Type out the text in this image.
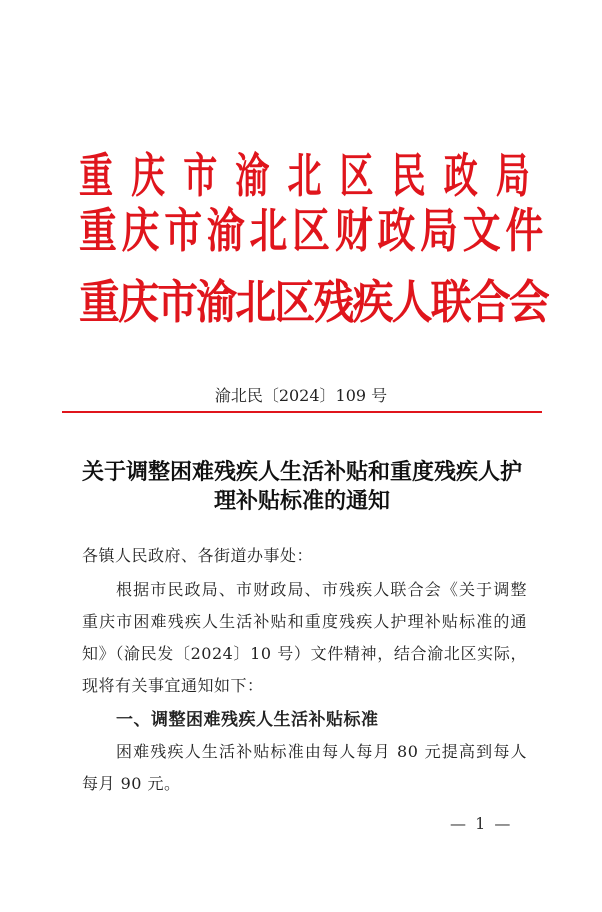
重庆市渝北区民政局
重庆市渝北区财政局文件
重庆市渝北区残疾人联合会
渝北民〔2024〕109 号
关于调整困难残疾人生活补贴和重度残疾人护
理补贴标准的通知
各镇人民政府、各街道办事处：
根据市民政局、市财政局、市残疾人联合会《关于调整重庆市困难残疾人生活补贴和重度残疾人护理补贴标准的通知》（渝民发〔2024〕10 号）文件精神，结合渝北区实际，现将有关事宜通知如下：
一、调整困难残疾人生活补贴标准
困难残疾人生活补贴标准由每人每月 80 元提高到每人每月 90 元。
— 1 —
